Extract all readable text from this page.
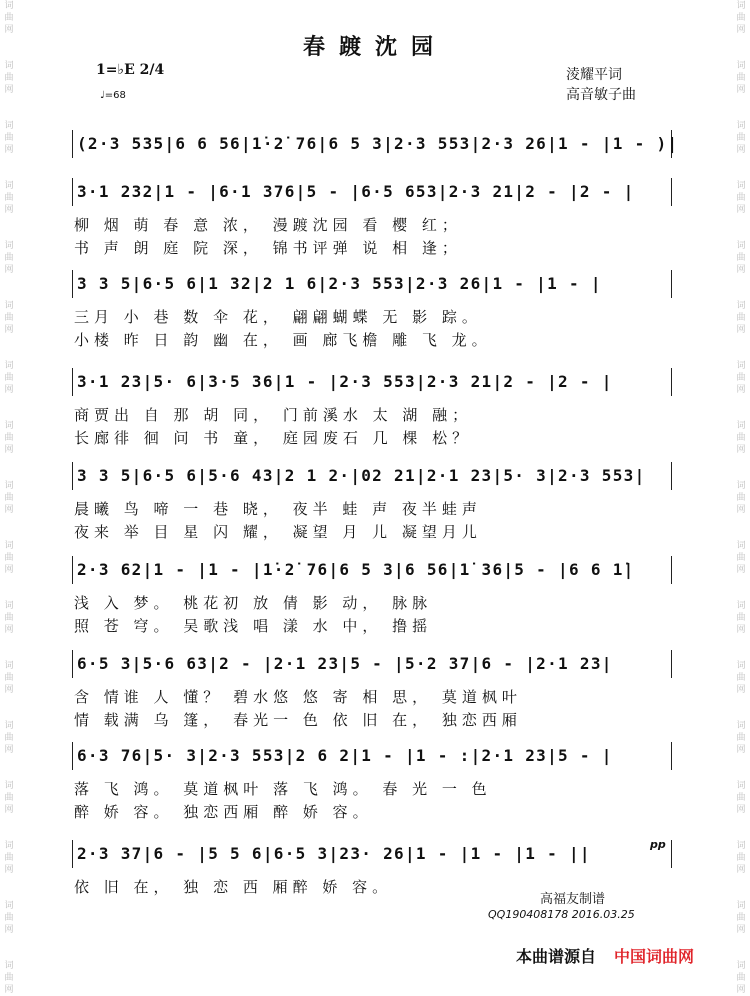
词
曲
网
词
曲
网
词
曲
网
词
曲
网
词
曲
网
词
曲
网
词
曲
网
词
曲
网
词
曲
网
词
曲
网
词
曲
网
词
曲
网
词
曲
网
词
曲
网
词
曲
网
词
曲
网
词
曲
网
词
曲
网
词
曲
网
词
曲
网
词
曲
网
词
曲
网
词
曲
网
词
曲
网
词
曲
网
词
曲
网
词
曲
网
词
曲
网
词
曲
网
词
曲
网
词
曲
网
词
曲
网
词
曲
网
词
曲
网
春踱沈园
1=♭E 2/4
♩=68
淩耀平词
高音敏子曲
(2·3 535|6 6 56|1̇·2̇ 76|6 5 3|2·3 553|2·3 26|1 - |1 - )|
3·1 232|1 - |6·1 376|5 - |6·5 653|2·3 21|2 - |2 - |
柳 烟 萌 春 意 浓， 漫踱沈园 看 樱 红；
书 声 朗 庭 院 深， 锦书评弹 说 相 逢；
3 3 5|6·5 6|1 32|2 1 6|2·3 553|2·3 26|1 - |1 - |
三月 小 巷 数 伞 花， 翩翩蝴蝶 无 影 踪。
小楼 昨 日 韵 幽 在， 画 廊飞檐 雕 飞 龙。
3·1 23|5· 6|3·5 36|1 - |2·3 553|2·3 21|2 - |2 - |
商贾出 自 那 胡 同， 门前溪水 太 湖 融；
长廊徘 徊 问 书 童， 庭园废石 几 棵 松？
3 3 5|6·5 6|5·6 43|2 1 2·|02 21|2·1 23|5· 3|2·3 553|
晨曦 鸟 啼 一 巷 晓， 夜半 蛙 声 夜半蛙声
夜来 举 目 星 闪 耀， 凝望 月 儿 凝望月儿
2·3 62|1 - |1 - |1̇·2̇ 76|6 5 3|6 56|1̇ 36|5 - |6 6 1̇|
浅 入 梦。 桃花初 放 倩 影 动， 脉脉
照 苍 穹。 吴歌浅 唱 漾 水 中， 撸摇
6·5 3|5·6 63|2 - |2·1 23|5 - |5·2 37|6 - |2·1 23|
含 情谁 人 懂？ 碧水悠 悠 寄 相 思， 莫道枫叶
情 载满 乌 篷， 春光一 色 依 旧 在， 独恋西厢
6·3 76|5· 3|2·3 553|2 6 2|1 - |1 - :|2·1 23|5 - |
落 飞 鸿。 莫道枫叶 落 飞 鸿。 春 光 一 色
醉 娇 容。 独恋西厢 醉 娇 容。
2·3 37|6 - |5 5 6|6·5 3|23· 26|1 - |1 - |1 - ||
依 旧 在， 独 恋 西 厢醉 娇 容。
pp
高福友制谱
QQ190408178 2016.03.25
本曲谱源自 中国词曲网
